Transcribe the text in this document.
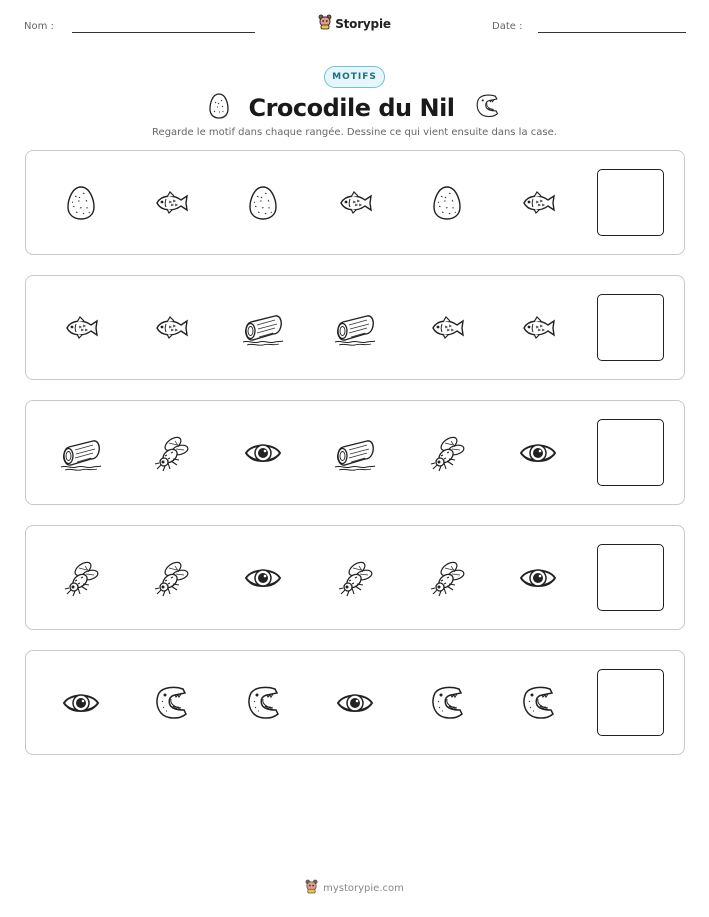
Nom :	Storypie	Date :
MOTIFS
Crocodile du Nil
Regarde le motif dans chaque rangée. Dessine ce qui vient ensuite dans la case.
mystorypie.com
